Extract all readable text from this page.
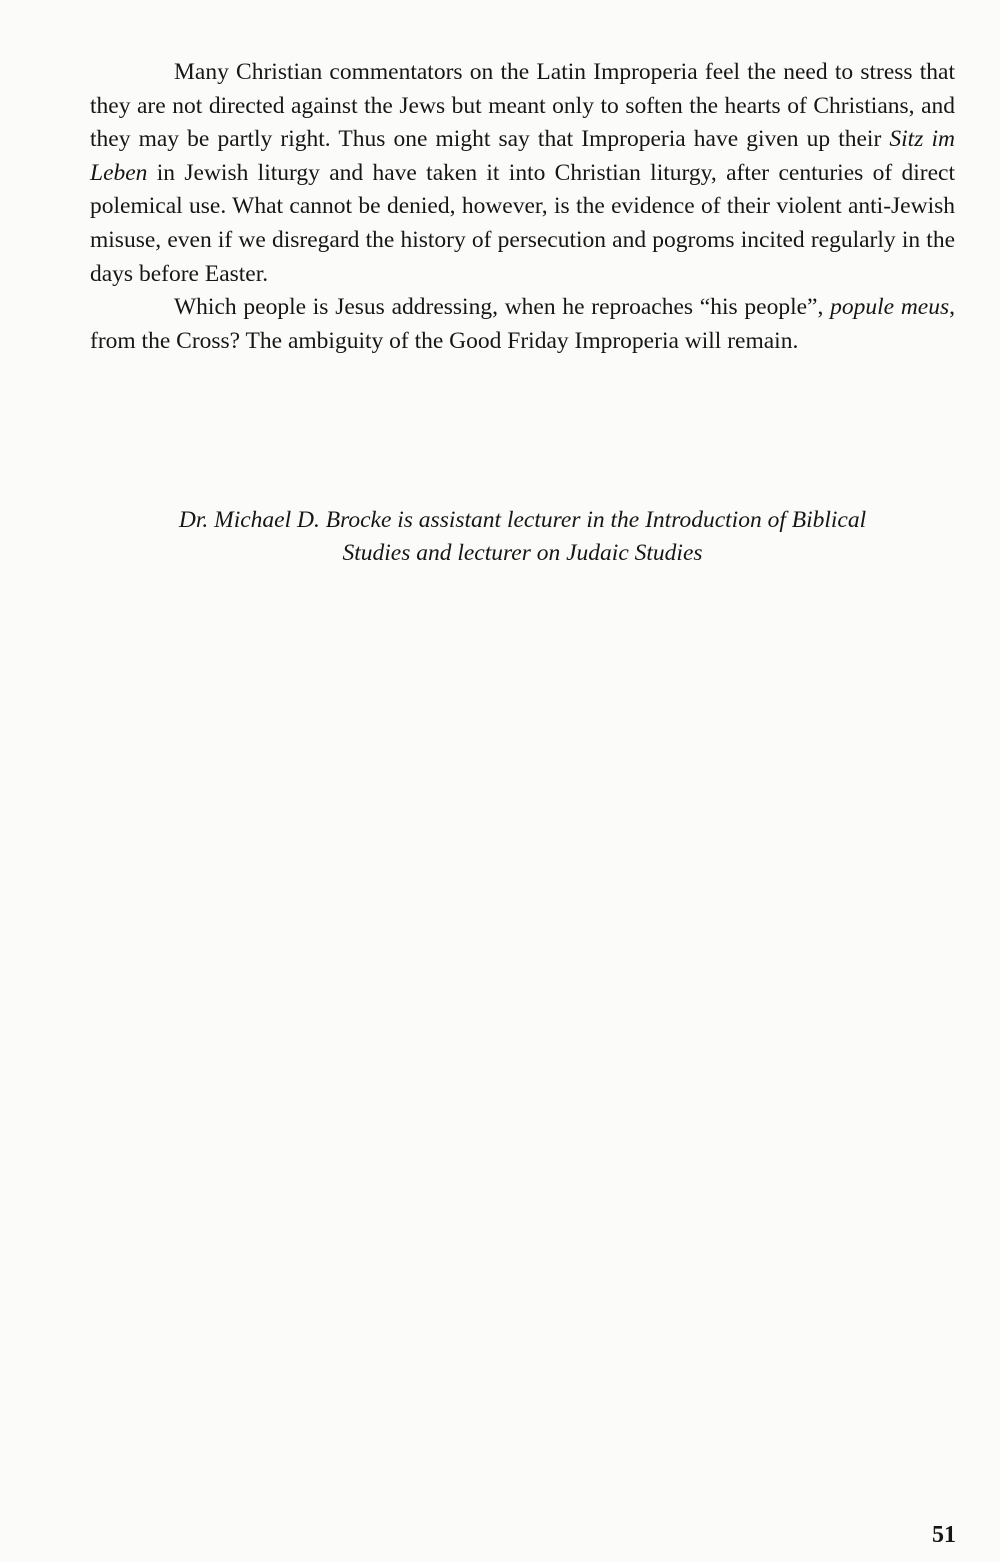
Many Christian commentators on the Latin Improperia feel the need to stress that they are not directed against the Jews but meant only to soften the hearts of Christians, and they may be partly right. Thus one might say that Improperia have given up their Sitz im Leben in Jewish liturgy and have taken it into Christian liturgy, after centuries of direct polemical use. What cannot be denied, however, is the evidence of their violent anti-Jewish misuse, even if we disregard the history of persecution and pogroms incited regularly in the days before Easter.

Which people is Jesus addressing, when he reproaches “his people”, popule meus, from the Cross? The ambiguity of the Good Friday Improperia will remain.

Dr. Michael D. Brocke is assistant lecturer in the Introduction of Biblical

Studies and lecturer on Judaic Studies

51
